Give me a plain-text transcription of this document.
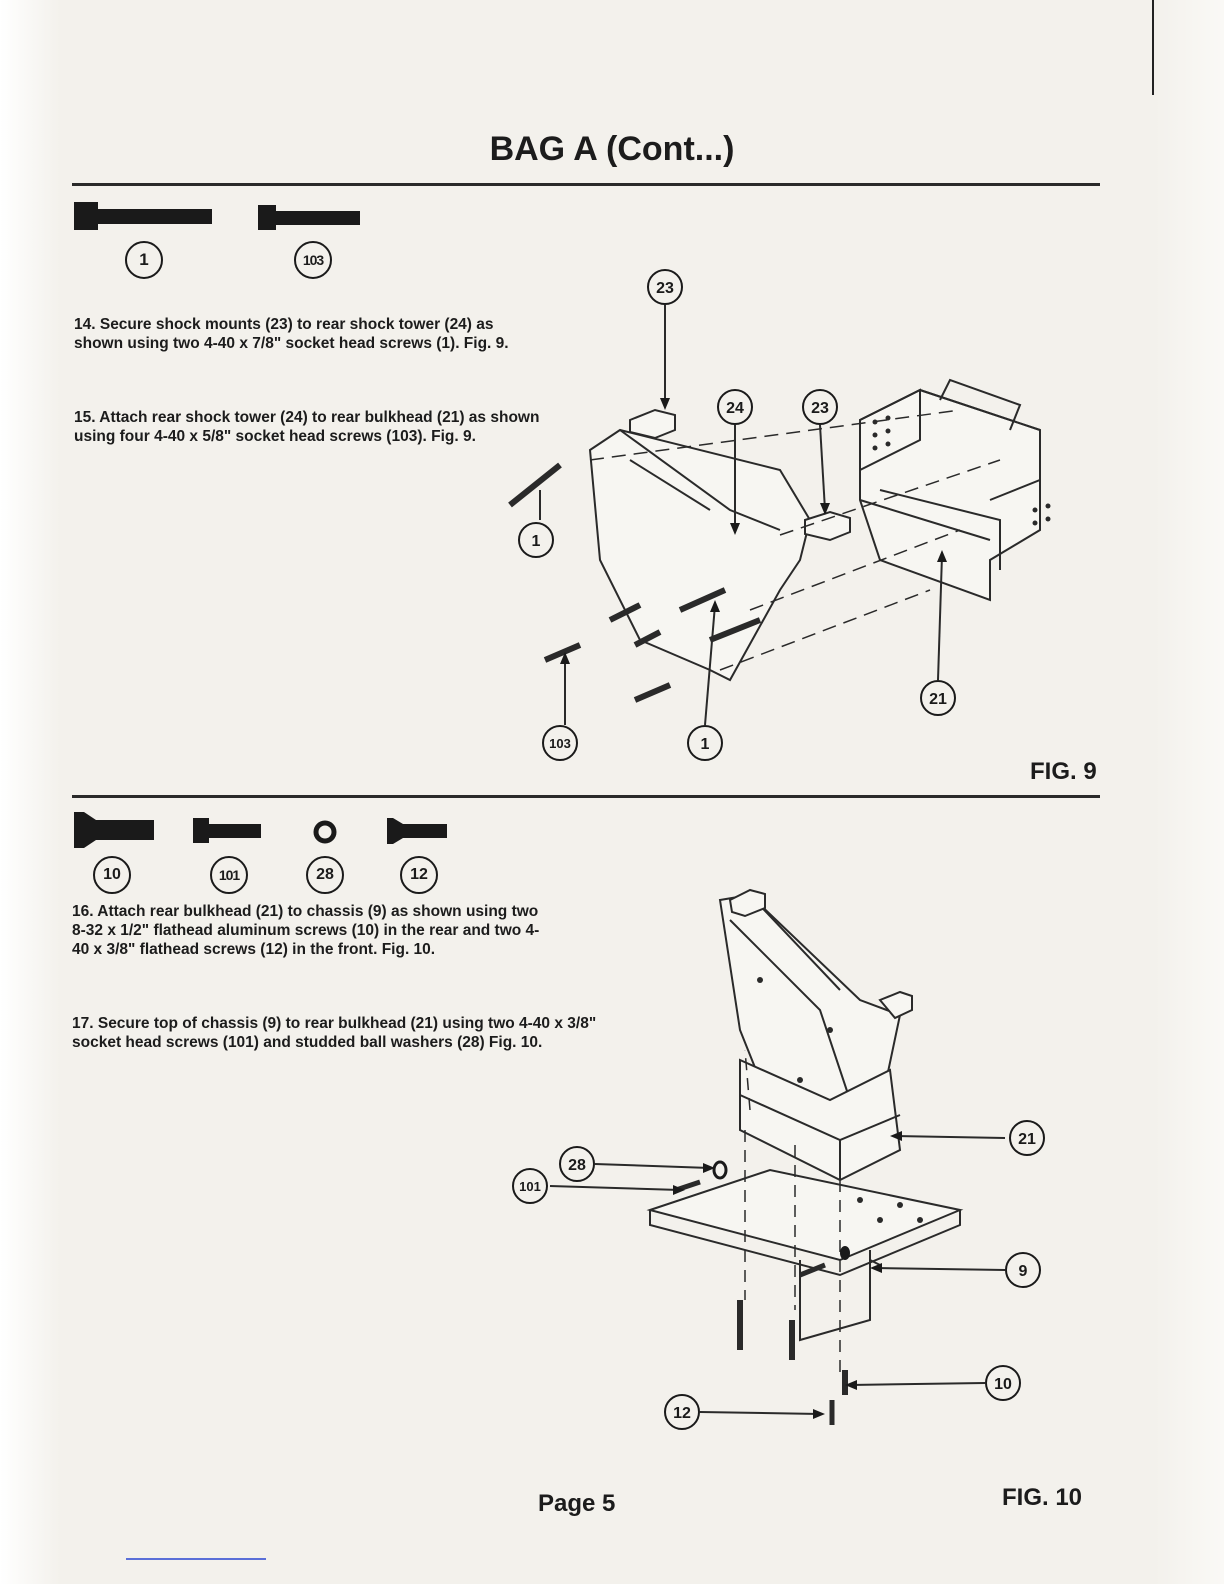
BAG A (Cont...)
1	103
14. Secure shock mounts (23) to rear shock tower (24) as shown using two 4-40 x 7/8" socket head screws (1). Fig. 9.
15. Attach rear shock tower (24) to rear bulkhead (21) as shown using four 4-40 x 5/8" socket head screws (103). Fig. 9.
23
24	23
1
103	1
21
FIG. 9
10	101	28	12
16. Attach rear bulkhead (21) to chassis (9) as shown using two 8-32 x 1/2" flathead aluminum screws (10) in the rear and two 4-40 x 3/8" flathead screws (12) in the front. Fig. 10.
17. Secure top of chassis (9) to rear bulkhead (21) using two 4-40 x 3/8" socket head screws (101) and studded ball washers (28) Fig. 10.
21
28
101
9
10
12
Page 5	FIG. 10
